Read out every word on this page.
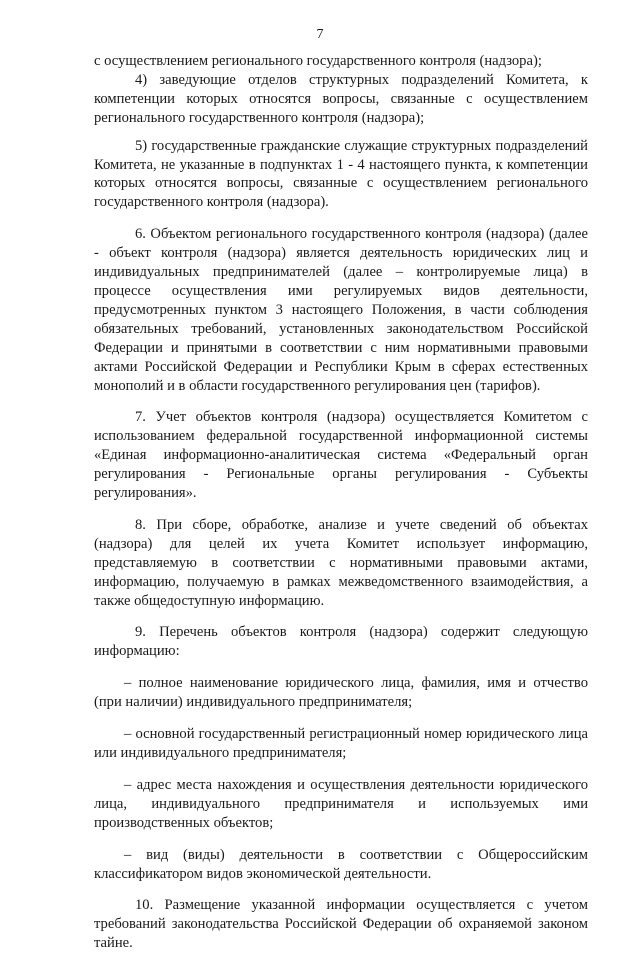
7

с осуществлением регионального государственного контроля (надзора);

4) заведующие отделов структурных подразделений Комитета, к компетенции которых относятся вопросы, связанные с осуществлением регионального государственного контроля (надзора);

5) государственные гражданские служащие структурных подразделений Комитета, не указанные в подпунктах 1 - 4 настоящего пункта, к компетенции которых относятся вопросы, связанные с осуществлением регионального государственного контроля (надзора).

6. Объектом регионального государственного контроля (надзора) (далее - объект контроля (надзора) является деятельность юридических лиц и индивидуальных предпринимателей (далее – контролируемые лица) в процессе осуществления ими регулируемых видов деятельности, предусмотренных пунктом 3 настоящего Положения, в части соблюдения обязательных требований, установленных законодательством Российской Федерации и принятыми в соответствии с ним нормативными правовыми актами Российской Федерации и Республики Крым в сферах естественных монополий и в области государственного регулирования цен (тарифов).

7. Учет объектов контроля (надзора) осуществляется Комитетом с использованием федеральной государственной информационной системы «Единая информационно-аналитическая система «Федеральный орган регулирования - Региональные органы регулирования - Субъекты регулирования».

8. При сборе, обработке, анализе и учете сведений об объектах (надзора) для целей их учета Комитет использует информацию, представляемую в соответствии с нормативными правовыми актами, информацию, получаемую в рамках межведомственного взаимодействия, а также общедоступную информацию.

9. Перечень объектов контроля (надзора) содержит следующую информацию:

– полное наименование юридического лица, фамилия, имя и отчество (при наличии) индивидуального предпринимателя;

– основной государственный регистрационный номер юридического лица или индивидуального предпринимателя;

– адрес места нахождения и осуществления деятельности юридического лица, индивидуального предпринимателя и используемых ими производственных объектов;

– вид (виды) деятельности в соответствии с Общероссийским классификатором видов экономической деятельности.

10. Размещение указанной информации осуществляется с учетом требований законодательства Российской Федерации об охраняемой законом тайне.
